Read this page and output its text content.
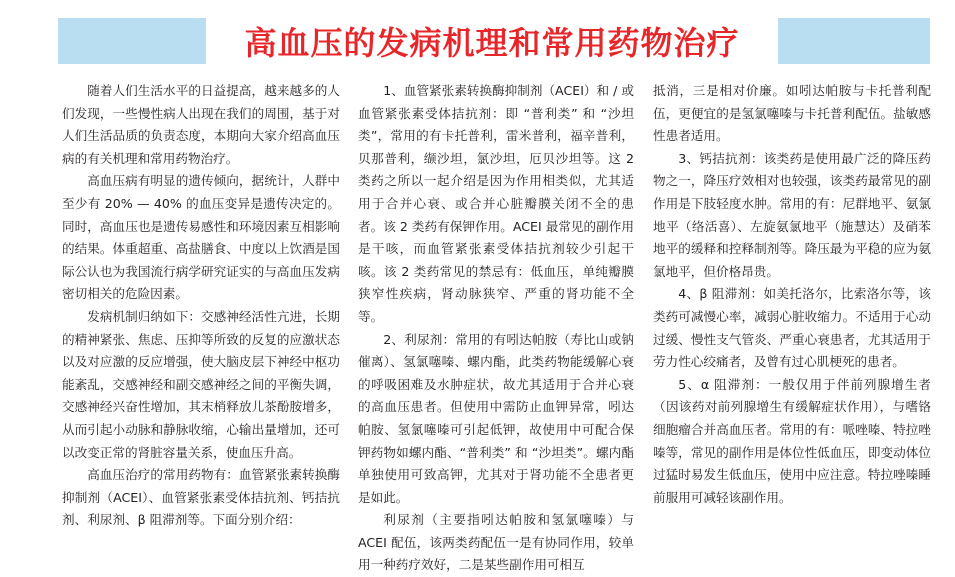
高血压的发病机理和常用药物治疗

随着人们生活水平的日益提高，越来越多的人们发现，一些慢性病人出现在我们的周围，基于对人们生活品质的负责态度，本期向大家介绍高血压病的有关机理和常用药物治疗。

高血压病有明显的遗传倾向，据统计，人群中至少有 20% — 40% 的血压变异是遗传决定的。同时，高血压也是遗传易感性和环境因素互相影响的结果。体重超重、高盐膳食、中度以上饮酒是国际公认也为我国流行病学研究证实的与高血压发病密切相关的危险因素。

发病机制归纳如下：交感神经活性亢进，长期的精神紧张、焦虑、压抑等所致的反复的应激状态以及对应激的反应增强，使大脑皮层下神经中枢功能紊乱，交感神经和副交感神经之间的平衡失调，交感神经兴奋性增加，其末梢释放儿茶酚胺增多，从而引起小动脉和静脉收缩，心输出量增加，还可以改变正常的肾脏容量关系，使血压升高。

高血压治疗的常用药物有：血管紧张素转换酶抑制剂（ACEI）、血管紧张素受体拮抗剂、钙拮抗剂、利尿剂、β 阻滞剂等。下面分别介绍：

1、血管紧张素转换酶抑制剂（ACEI）和 / 或血管紧张素受体拮抗剂：即 “普利类” 和 “沙坦类”，常用的有卡托普利，雷米普利，福辛普利，贝那普利，缬沙坦，氯沙坦，厄贝沙坦等。这 2 类药之所以一起介绍是因为作用相类似，尤其适用于合并心衰、或合并心脏瓣膜关闭不全的患者。该 2 类药有保钾作用。ACEI 最常见的副作用是干咳，而血管紧张素受体拮抗剂较少引起干咳。该 2 类药常见的禁忌有：低血压，单纯瓣膜狭窄性疾病，肾动脉狭窄、严重的肾功能不全等。

2、利尿剂：常用的有吲达帕胺（寿比山或钠催离）、氢氯噻嗪、螺内酯，此类药物能缓解心衰的呼吸困难及水肿症状，故尤其适用于合并心衰的高血压患者。但使用中需防止血钾异常，吲达帕胺、氢氯噻嗪可引起低钾，故使用中可配合保钾药物如螺内酯、“普利类” 和 “沙坦类”。螺内酯单独使用可致高钾，尤其对于肾功能不全患者更是如此。

利尿剂（主要指吲达帕胺和氢氯噻嗪）与 ACEI 配伍，该两类药配伍一是有协同作用，较单用一种药疗效好，二是某些副作用可相互

抵消，三是相对价廉。如吲达帕胺与卡托普利配伍，更便宜的是氢氯噻嗪与卡托普利配伍。盐敏感性患者适用。

3、钙拮抗剂：该类药是使用最广泛的降压药物之一，降压疗效相对也较强，该类药最常见的副作用是下肢轻度水肿。常用的有：尼群地平、氨氯地平（络活喜）、左旋氨氯地平（施慧达）及硝苯地平的缓释和控释制剂等。降压最为平稳的应为氨氯地平，但价格昂贵。

4、β 阻滞剂：如美托洛尔，比索洛尔等，该类药可减慢心率，减弱心脏收缩力。不适用于心动过缓、慢性支气管炎、严重心衰患者，尤其适用于劳力性心绞痛者，及曾有过心肌梗死的患者。

5、α 阻滞剂：一般仅用于伴前列腺增生者（因该药对前列腺增生有缓解症状作用），与嗜铬细胞瘤合并高血压者。常用的有：哌唑嗪、特拉唑嗪等，常见的副作用是体位性低血压，即变动体位过猛时易发生低血压，使用中应注意。特拉唑嗪睡前服用可减轻该副作用。
